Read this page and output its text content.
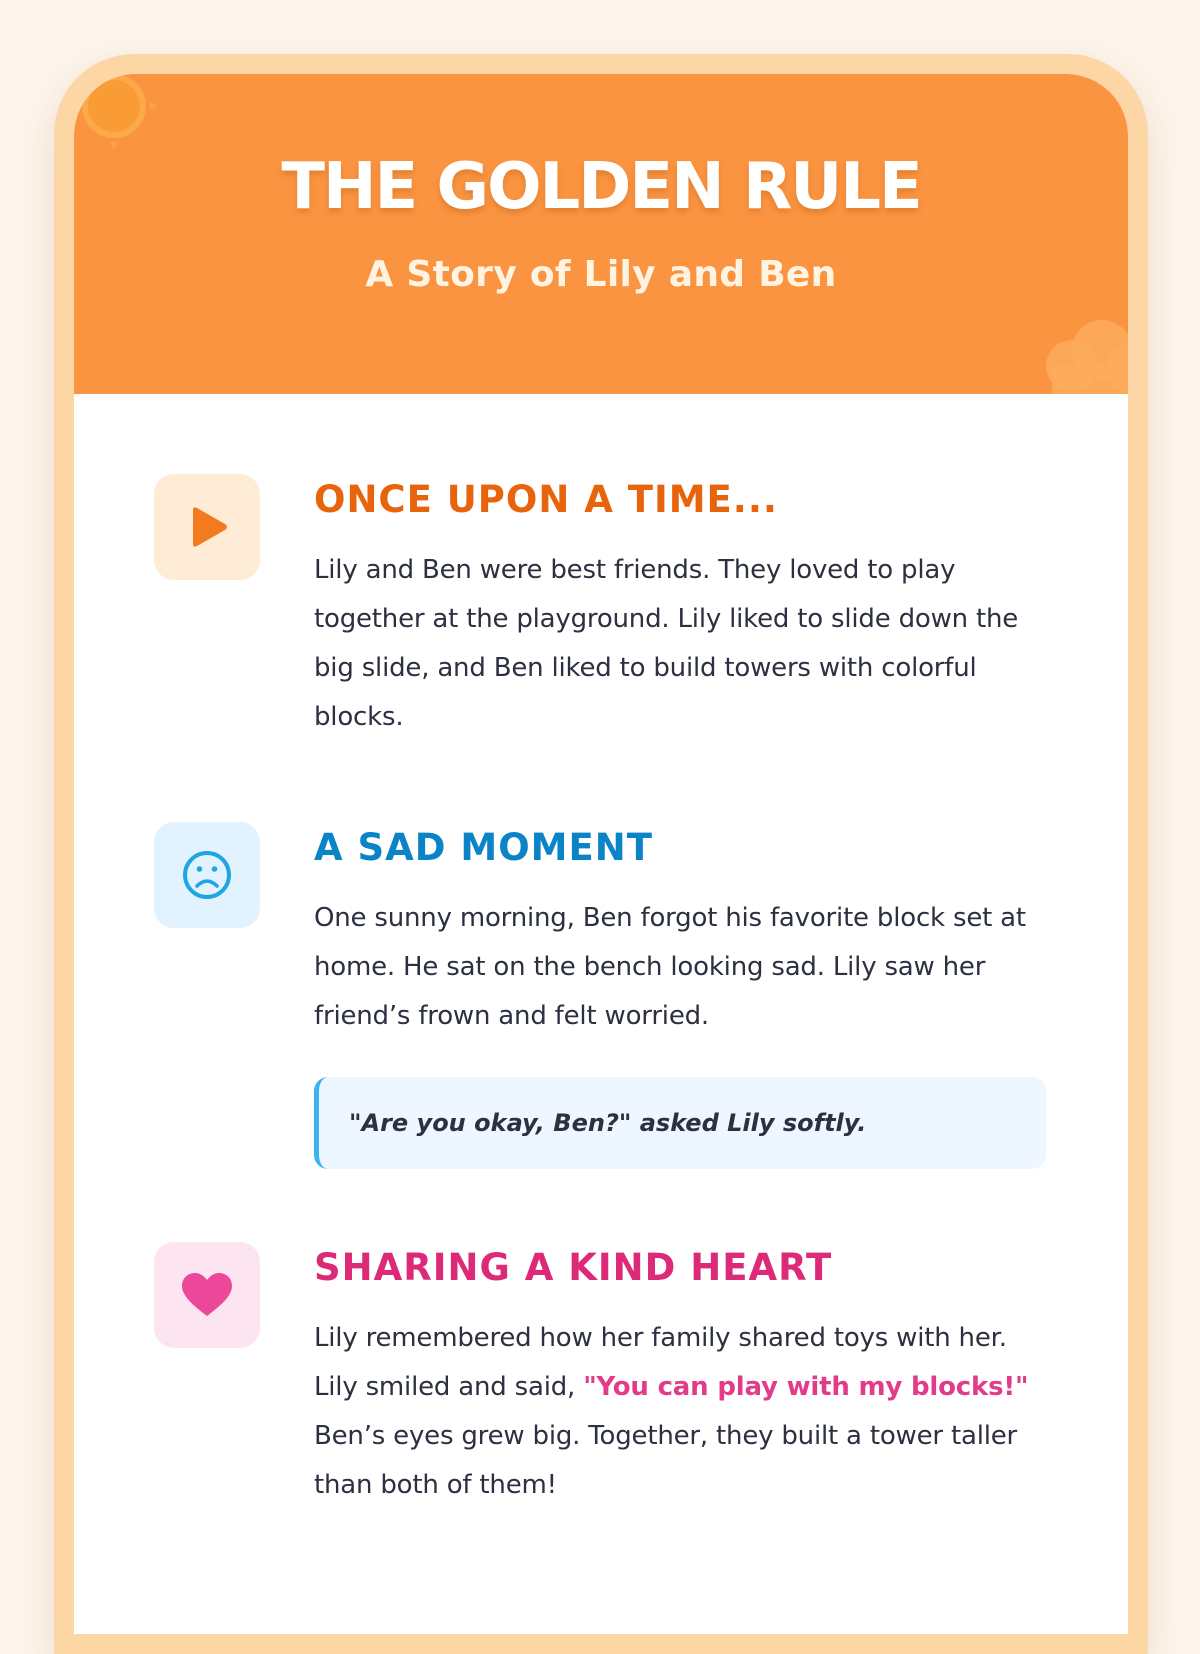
THE GOLDEN RULE
A Story of Lily and Ben
ONCE UPON A TIME...
Lily and Ben were best friends. They loved to play together at the playground. Lily liked to slide down the big slide, and Ben liked to build towers with colorful blocks.
A SAD MOMENT
One sunny morning, Ben forgot his favorite block set at home. He sat on the bench looking sad. Lily saw her friend’s frown and felt worried.
"Are you okay, Ben?" asked Lily softly.
SHARING A KIND HEART
Lily remembered how her family shared toys with her. Lily smiled and said, "You can play with my blocks!" Ben’s eyes grew big. Together, they built a tower taller than both of them!
